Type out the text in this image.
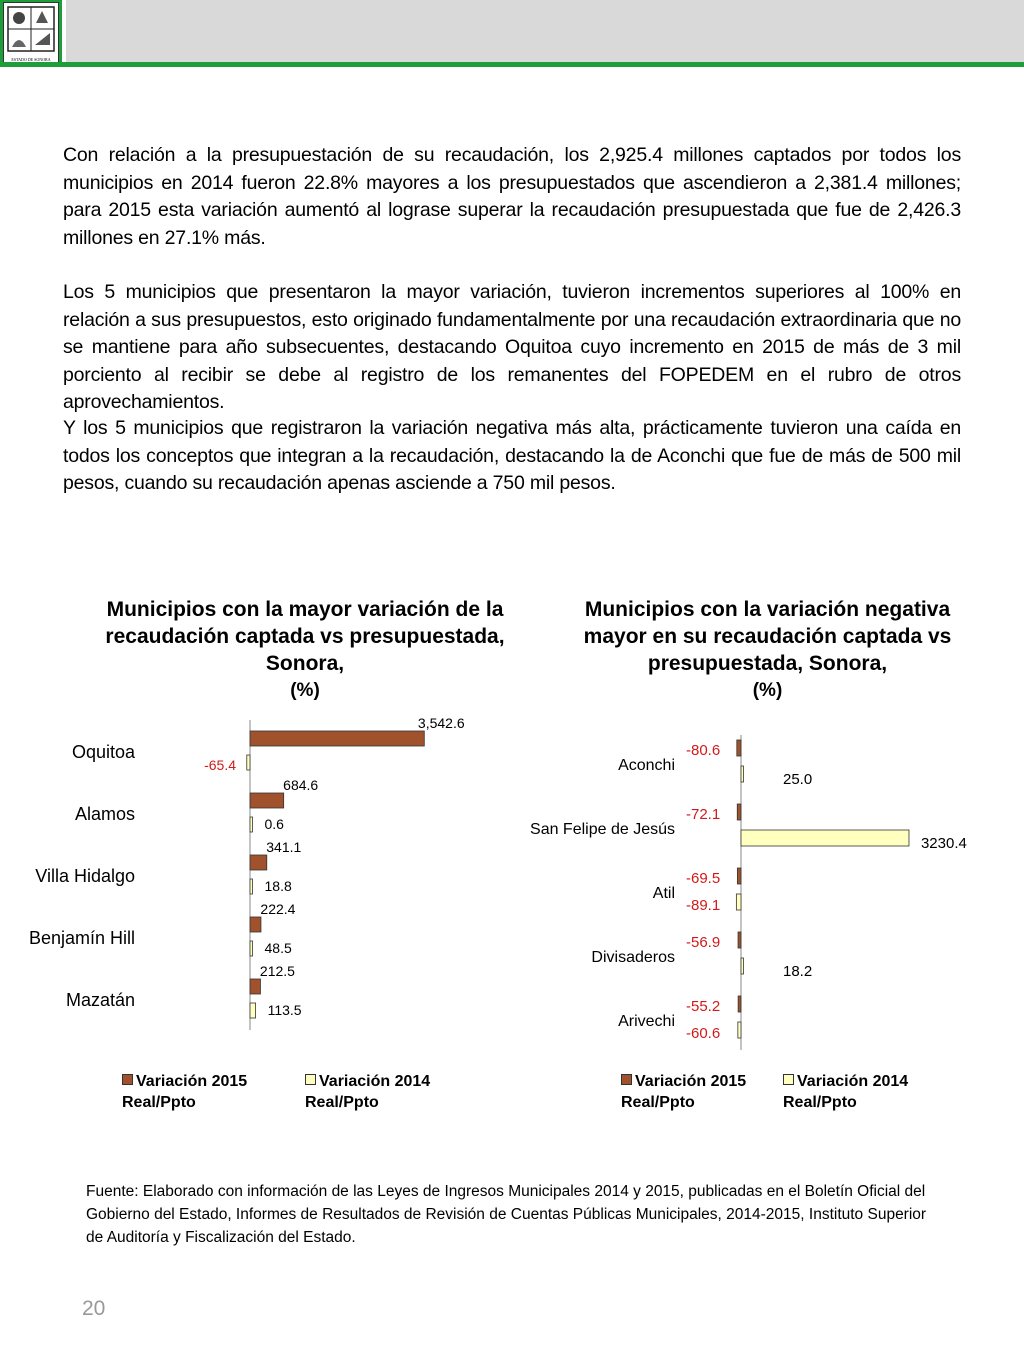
ESTADO DE SONORA
Con relación a la presupuestación de su recaudación, los 2,925.4 millones captados por todos los municipios en 2014 fueron 22.8% mayores a los presupuestados que ascendieron a 2,381.4 millones; para 2015 esta variación aumentó al lograse superar la recaudación presupuestada que fue de 2,426.3 millones en 27.1% más.
Los 5 municipios que presentaron la mayor variación, tuvieron incrementos superiores al 100% en relación a sus presupuestos, esto originado fundamentalmente por una recaudación extraordinaria que no se mantiene para año subsecuentes, destacando Oquitoa cuyo incremento en 2015 de más de 3 mil porciento al recibir se debe al registro de los remanentes del FOPEDEM en el rubro de otros aprovechamientos.
Y los 5 municipios que registraron la variación negativa más alta, prácticamente tuvieron una caída en todos los conceptos que integran a la recaudación, destacando la de Aconchi que fue de más de 500 mil pesos, cuando su recaudación apenas asciende a 750 mil pesos.
Municipios con la mayor variación de la recaudación captada vs presupuestada, Sonora,
(%)
Municipios con la variación negativa mayor en su recaudación captada vs presupuestada, Sonora,
(%)
Oquitoa
3,542.6
-65.4
Alamos
684.6
0.6
Villa Hidalgo
341.1
18.8
Benjamín Hill
222.4
48.5
Mazatán
212.5
113.5
Aconchi
-80.6
25.0
San Felipe de Jesús
-72.1
3230.4
Atil
-69.5
-89.1
Divisaderos
-56.9
18.2
Arivechi
-55.2
-60.6
Variación 2015
Real/Ppto
Variación 2014
Real/Ppto
Variación 2015
Real/Ppto
Variación 2014
Real/Ppto
Fuente: Elaborado con información de las Leyes de Ingresos Municipales 2014 y 2015, publicadas en el Boletín Oficial del Gobierno del Estado, Informes de Resultados de Revisión de Cuentas Públicas Municipales, 2014-2015, Instituto Superior de Auditoría y Fiscalización del Estado.
20
